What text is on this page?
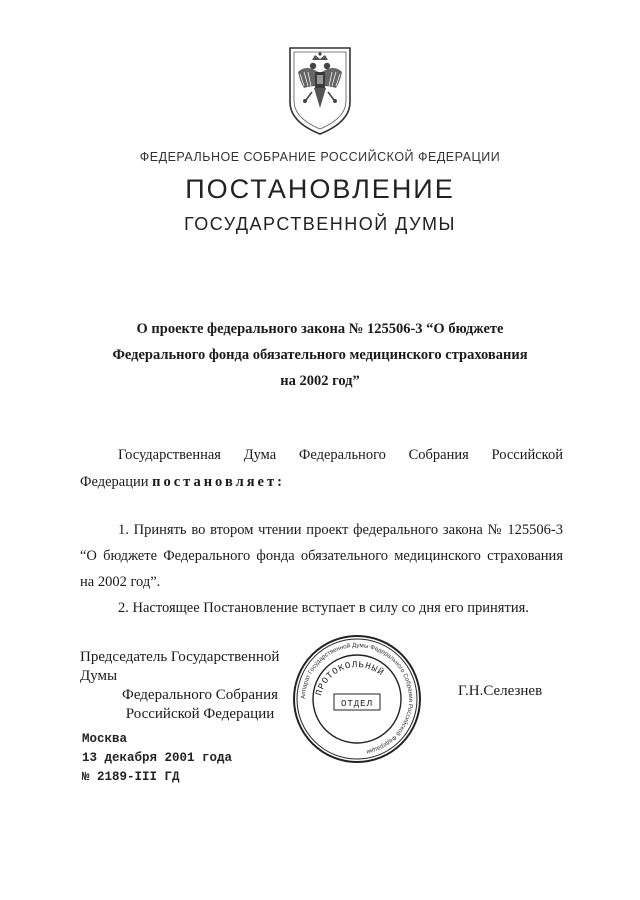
ФЕДЕРАЛЬНОЕ СОБРАНИЕ РОССИЙСКОЙ ФЕДЕРАЦИИ
ПОСТАНОВЛЕНИЕ
ГОСУДАРСТВЕННОЙ ДУМЫ
О проекте федерального закона № 125506-3 “О бюджете
Федерального фонда обязательного медицинского страхования
на 2002 год”
Государственная Дума Федерального Собрания Российской
Федерации постановляет:
1. Принять во втором чтении проект федерального закона № 125506-3 “О бюджете Федерального фонда обязательного медицинского страхования на 2002 год”.
2. Настоящее Постановление вступает в силу со дня его принятия.
Председатель Государственной Думы
Федерального Собрания
Российской Федерации
Аппарат Государственной Думы Федерального Собрания Российской Федерации
ПРОТОКОЛЬНЫЙ
ОТДЕЛ
Г.Н.Селезнев
Москва
13 декабря 2001 года
№ 2189-III ГД
